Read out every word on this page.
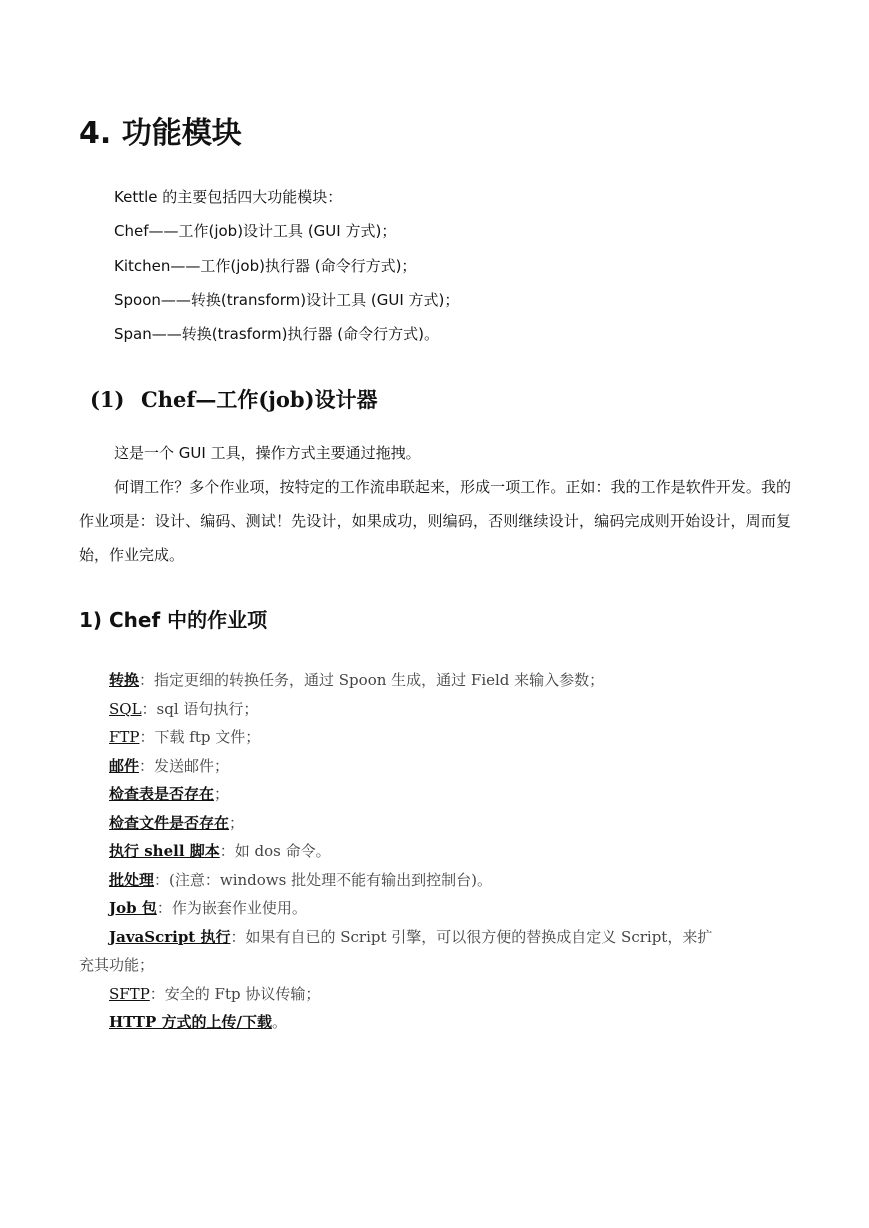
4. 功能模块
Kettle 的主要包括四大功能模块：
Chef——工作(job)设计工具 (GUI 方式)；
Kitchen——工作(job)执行器 (命令行方式)；
Spoon——转换(transform)设计工具 (GUI 方式)；
Span——转换(trasform)执行器 (命令行方式)。
(1) Chef—工作(job)设计器
这是一个 GUI 工具，操作方式主要通过拖拽。
何谓工作？多个作业项，按特定的工作流串联起来，形成一项工作。正如：我的工作是软件开发。我的作业项是：设计、编码、测试！先设计，如果成功，则编码，否则继续设计，编码完成则开始设计，周而复始，作业完成。
1) Chef 中的作业项
转换：指定更细的转换任务，通过 Spoon 生成，通过 Field 来输入参数；
SQL：sql 语句执行；
FTP：下载 ftp 文件；
邮件：发送邮件；
检查表是否存在；
检查文件是否存在；
执行 shell 脚本：如 dos 命令。
批处理：(注意：windows 批处理不能有输出到控制台)。
Job 包：作为嵌套作业使用。
JavaScript 执行：如果有自已的 Script 引擎，可以很方便的替换成自定义 Script，来扩
充其功能；
SFTP：安全的 Ftp 协议传输；
HTTP 方式的上传/下载。
